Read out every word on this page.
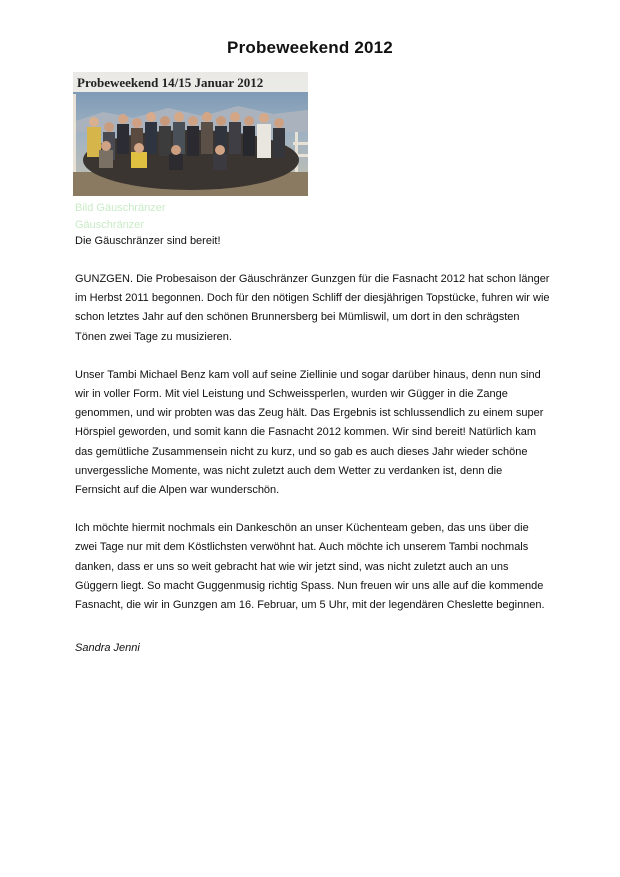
Probeweekend 2012
Probeweekend 14/15 Januar 2012
Bild Gäuschränzer
Gäuschränzer
Die Gäuschränzer sind bereit!

GUNZGEN. Die Probesaison der Gäuschränzer Gunzgen für die Fasnacht 2012 hat schon länger im Herbst 2011 begonnen. Doch für den nötigen Schliff der diesjährigen Topstücke, fuhren wir wie schon letztes Jahr auf den schönen Brunnersberg bei Mümliswil, um dort in den schrägsten Tönen zwei Tage zu musizieren.

Unser Tambi Michael Benz kam voll auf seine Ziellinie und sogar darüber hinaus, denn nun sind wir in voller Form. Mit viel Leistung und Schweissperlen, wurden wir Gügger in die Zange genommen, und wir probten was das Zeug hält. Das Ergebnis ist schlussendlich zu einem super Hörspiel geworden, und somit kann die Fasnacht 2012 kommen. Wir sind bereit! Natürlich kam das gemütliche Zusammensein nicht zu kurz, und so gab es auch dieses Jahr wieder schöne unvergessliche Momente, was nicht zuletzt auch dem Wetter zu verdanken ist, denn die Fernsicht auf die Alpen war wunderschön.

Ich möchte hiermit nochmals ein Dankeschön an unser Küchenteam geben, das uns über die zwei Tage nur mit dem Köstlichsten verwöhnt hat. Auch möchte ich unserem Tambi nochmals danken, dass er uns so weit gebracht hat wie wir jetzt sind, was nicht zuletzt auch an uns Güggern liegt. So macht Guggenmusig richtig Spass. Nun freuen wir uns alle auf die kommende Fasnacht, die wir in Gunzgen am 16. Februar, um 5 Uhr, mit der legendären Cheslette beginnen.

Sandra Jenni
